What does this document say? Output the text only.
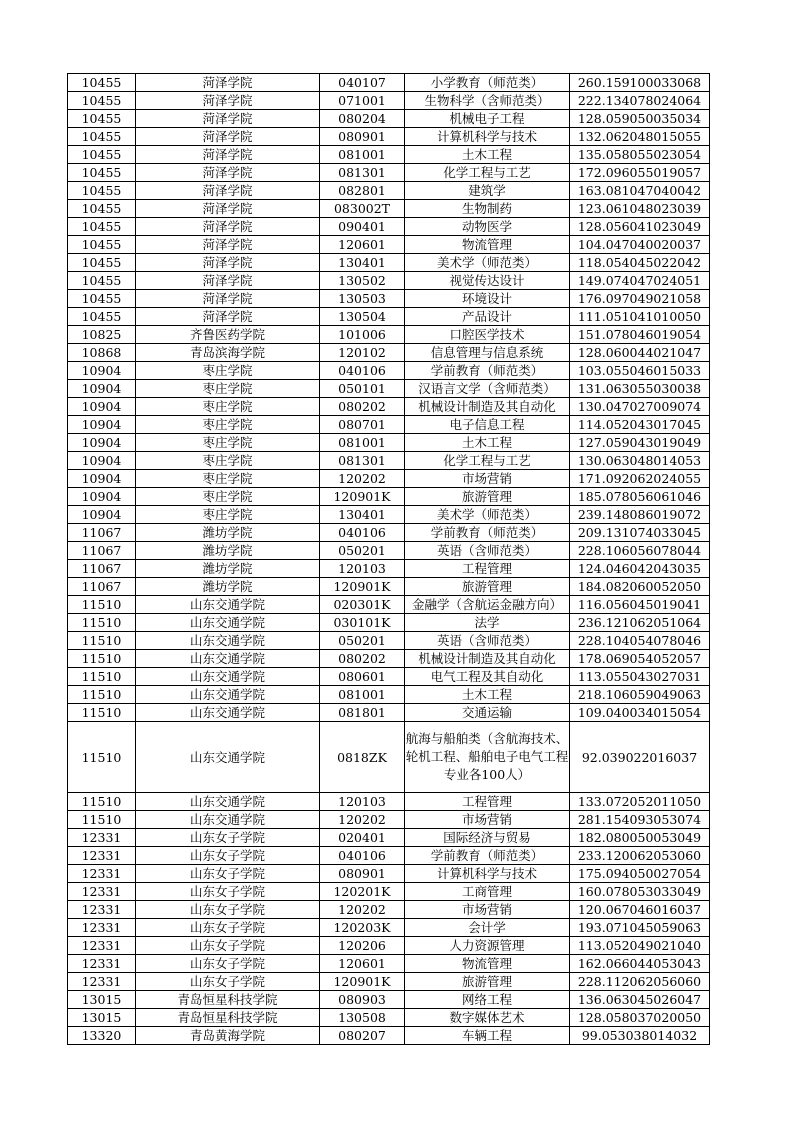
10455	菏泽学院	040107	小学教育（师范类）	260.159100033068
10455	菏泽学院	071001	生物科学（含师范类）	222.134078024064
10455	菏泽学院	080204	机械电子工程	128.059050035034
10455	菏泽学院	080901	计算机科学与技术	132.062048015055
10455	菏泽学院	081001	土木工程	135.058055023054
10455	菏泽学院	081301	化学工程与工艺	172.096055019057
10455	菏泽学院	082801	建筑学	163.081047040042
10455	菏泽学院	083002T	生物制药	123.061048023039
10455	菏泽学院	090401	动物医学	128.056041023049
10455	菏泽学院	120601	物流管理	104.047040020037
10455	菏泽学院	130401	美术学（师范类）	118.054045022042
10455	菏泽学院	130502	视觉传达设计	149.074047024051
10455	菏泽学院	130503	环境设计	176.097049021058
10455	菏泽学院	130504	产品设计	111.051041010050
10825	齐鲁医药学院	101006	口腔医学技术	151.078046019054
10868	青岛滨海学院	120102	信息管理与信息系统	128.060044021047
10904	枣庄学院	040106	学前教育（师范类）	103.055046015033
10904	枣庄学院	050101	汉语言文学（含师范类）	131.063055030038
10904	枣庄学院	080202	机械设计制造及其自动化	130.047027009074
10904	枣庄学院	080701	电子信息工程	114.052043017045
10904	枣庄学院	081001	土木工程	127.059043019049
10904	枣庄学院	081301	化学工程与工艺	130.063048014053
10904	枣庄学院	120202	市场营销	171.092062024055
10904	枣庄学院	120901K	旅游管理	185.078056061046
10904	枣庄学院	130401	美术学（师范类）	239.148086019072
11067	潍坊学院	040106	学前教育（师范类）	209.131074033045
11067	潍坊学院	050201	英语（含师范类）	228.106056078044
11067	潍坊学院	120103	工程管理	124.046042043035
11067	潍坊学院	120901K	旅游管理	184.082060052050
11510	山东交通学院	020301K	金融学（含航运金融方向）	116.056045019041
11510	山东交通学院	030101K	法学	236.121062051064
11510	山东交通学院	050201	英语（含师范类）	228.104054078046
11510	山东交通学院	080202	机械设计制造及其自动化	178.069054052057
11510	山东交通学院	080601	电气工程及其自动化	113.055043027031
11510	山东交通学院	081001	土木工程	218.106059049063
11510	山东交通学院	081801	交通运输	109.040034015054
11510	山东交通学院	0818ZK	航海与船舶类（含航海技术、轮机工程、船舶电子电气工程专业各100人）	92.039022016037
11510	山东交通学院	120103	工程管理	133.072052011050
11510	山东交通学院	120202	市场营销	281.154093053074
12331	山东女子学院	020401	国际经济与贸易	182.080050053049
12331	山东女子学院	040106	学前教育（师范类）	233.120062053060
12331	山东女子学院	080901	计算机科学与技术	175.094050027054
12331	山东女子学院	120201K	工商管理	160.078053033049
12331	山东女子学院	120202	市场营销	120.067046016037
12331	山东女子学院	120203K	会计学	193.071045059063
12331	山东女子学院	120206	人力资源管理	113.052049021040
12331	山东女子学院	120601	物流管理	162.066044053043
12331	山东女子学院	120901K	旅游管理	228.112062056060
13015	青岛恒星科技学院	080903	网络工程	136.063045026047
13015	青岛恒星科技学院	130508	数字媒体艺术	128.058037020050
13320	青岛黄海学院	080207	车辆工程	99.053038014032
